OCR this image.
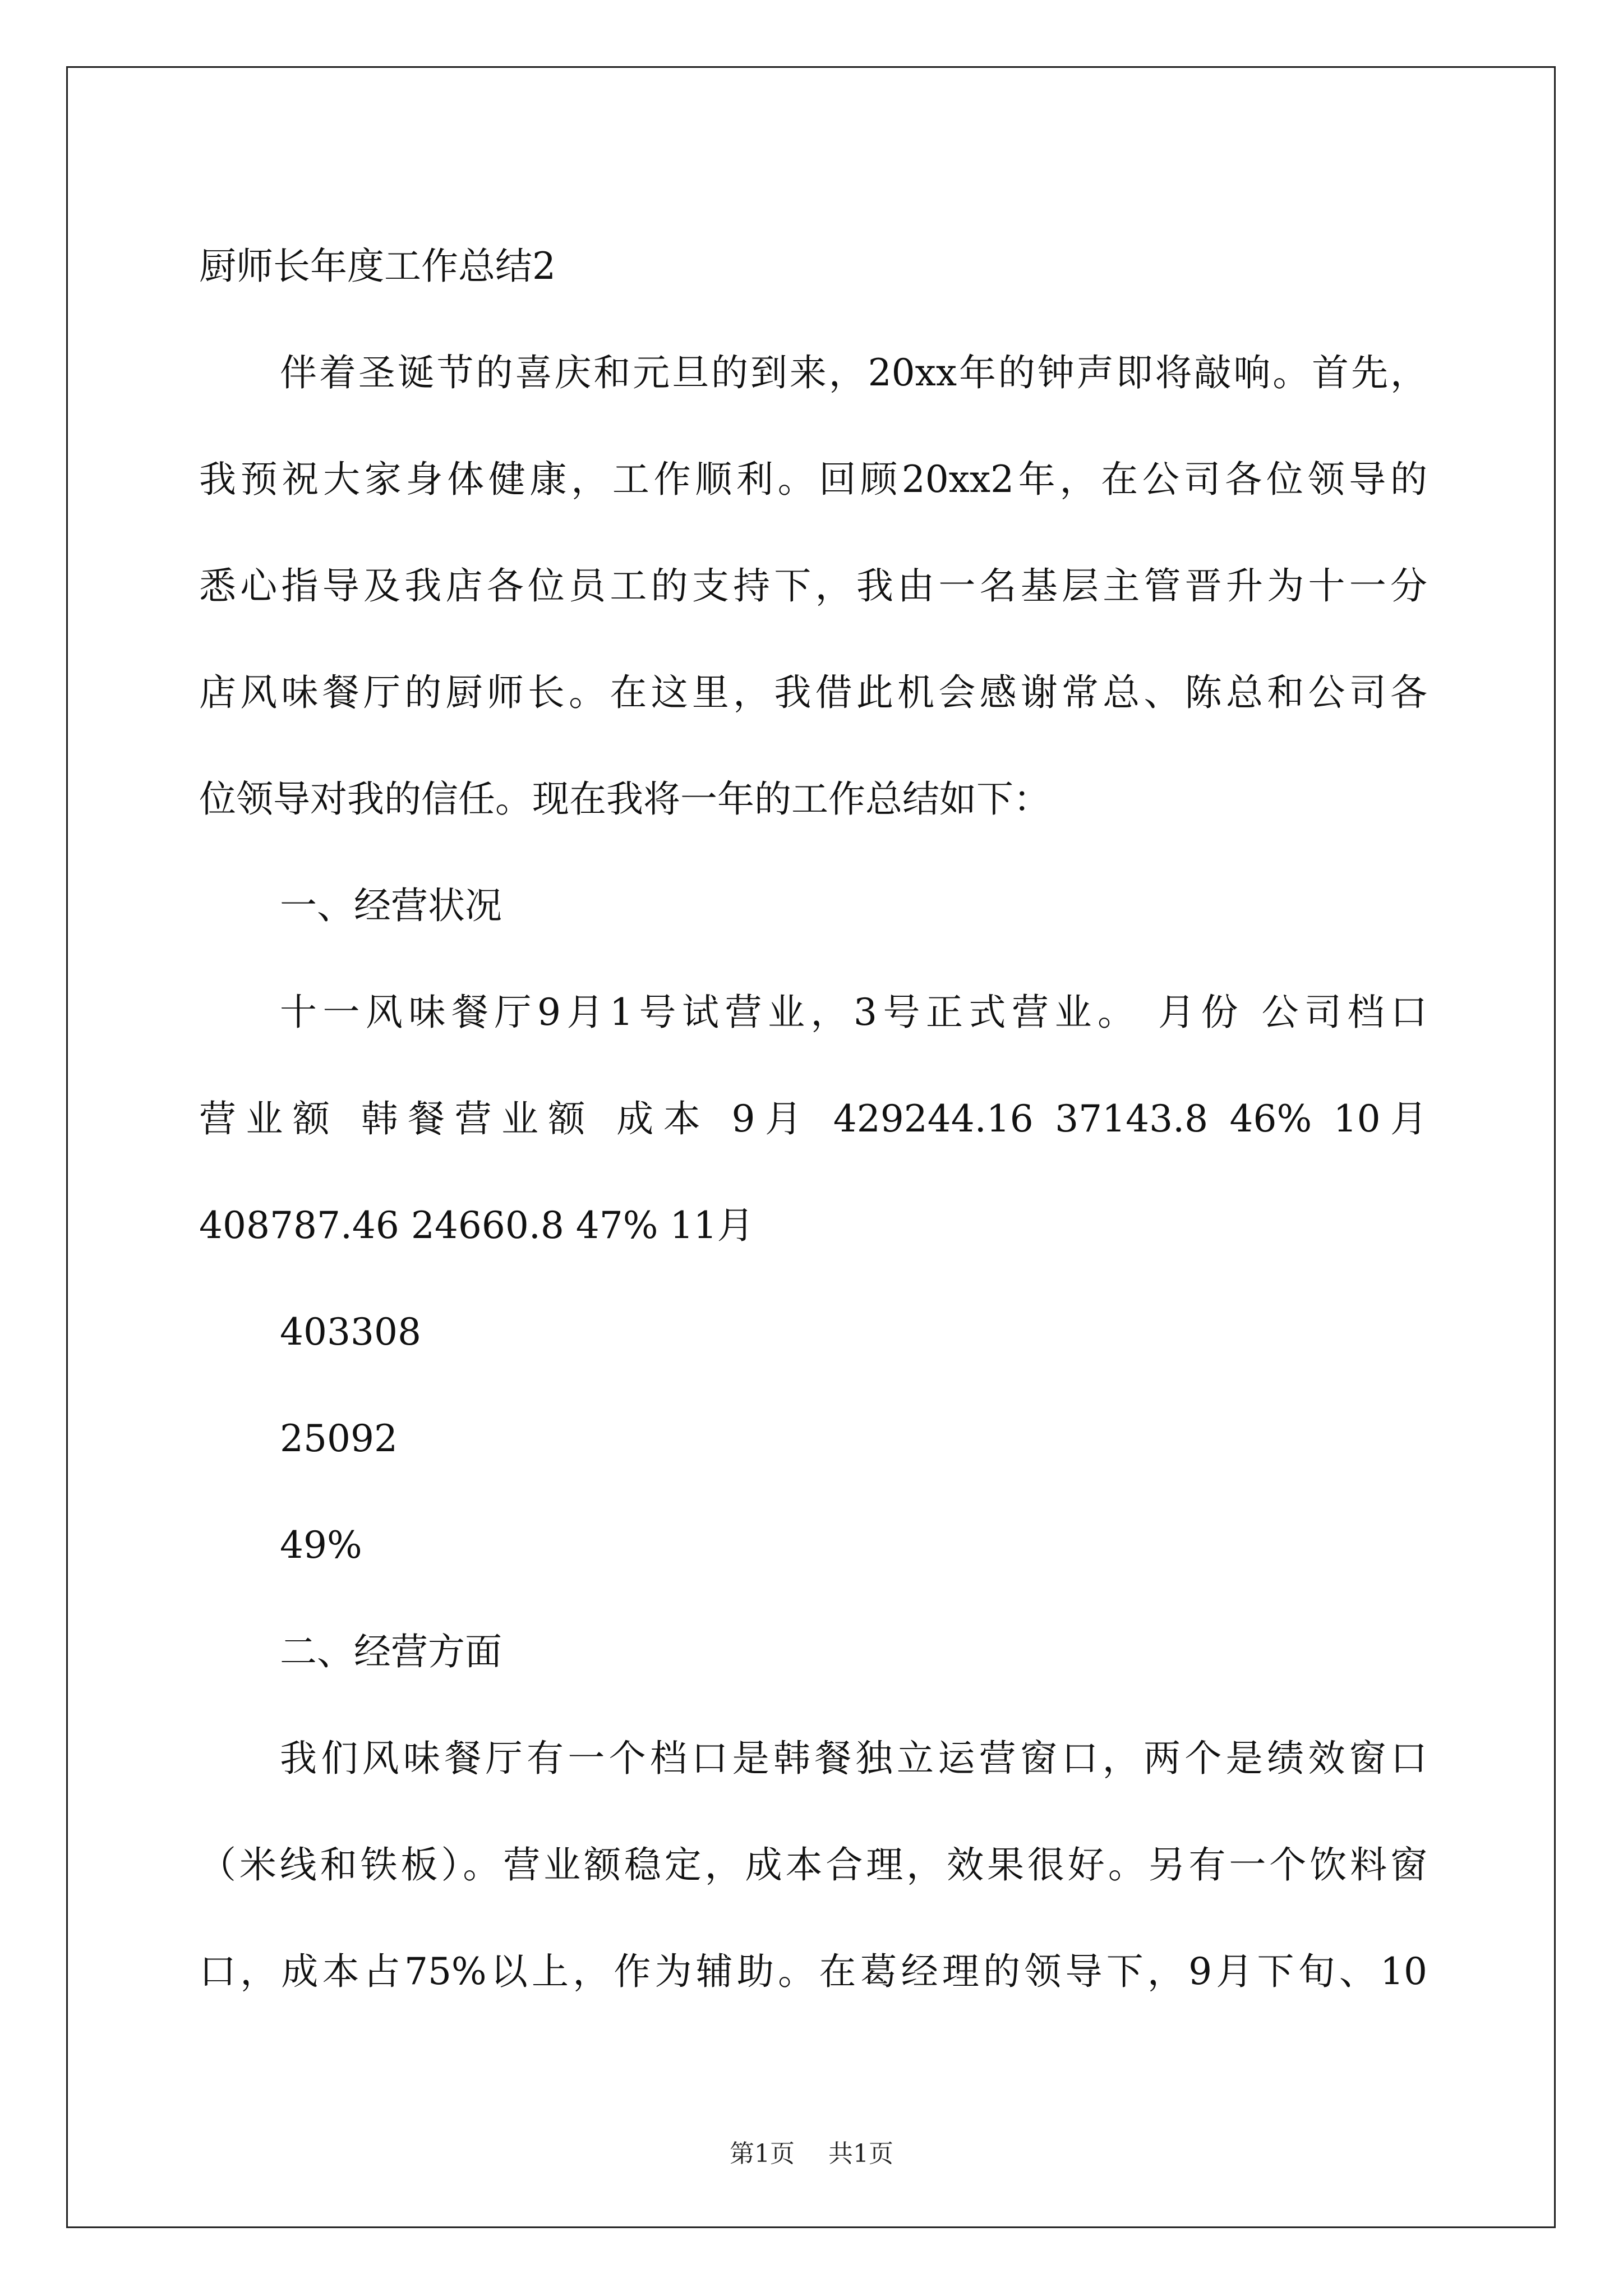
厨师长年度工作总结2
伴着圣诞节的喜庆和元旦的到来，20xx年的钟声即将敲响。首先，
我预祝大家身体健康，工作顺利。回顾20xx2年，在公司各位领导的
悉心指导及我店各位员工的支持下，我由一名基层主管晋升为十一分
店风味餐厅的厨师长。在这里，我借此机会感谢常总、陈总和公司各
位领导对我的信任。现在我将一年的工作总结如下：
一、经营状况
十一风味餐厅9月1号试营业，3号正式营业。 月份 公司档口
营业额 韩餐营业额 成本 9月 429244.16 37143.8 46% 10月
408787.46 24660.8 47% 11月
403308
25092
49%
二、经营方面
我们风味餐厅有一个档口是韩餐独立运营窗口，两个是绩效窗口
（米线和铁板）。营业额稳定，成本合理，效果很好。另有一个饮料窗
口，成本占75%以上，作为辅助。在葛经理的领导下，9月下旬、10
第1页 共1页
